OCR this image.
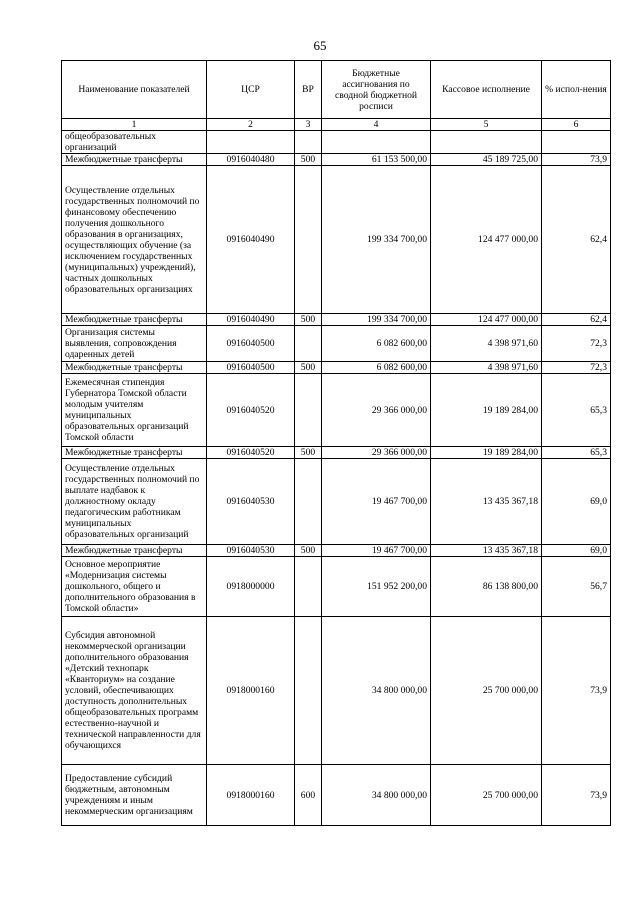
65
Наименование показателей	ЦСР	ВР	Бюджетные ассигнования по сводной бюджетной росписи	Кассовое исполнение	% испол-нения
1	2	3	4	5	6
общеобразовательных организаций					
Межбюджетные трансферты	0916040480	500	61 153 500,00	45 189 725,00	73,9
Осуществление отдельных государственных полномочий по финансовому обеспечению получения дошкольного образования в организациях, осуществляющих обучение (за исключением государственных (муниципальных) учреждений), частных дошкольных образовательных организациях	0916040490		199 334 700,00	124 477 000,00	62,4
Межбюджетные трансферты	0916040490	500	199 334 700,00	124 477 000,00	62,4
Организация системы выявления, сопровождения одаренных детей	0916040500		6 082 600,00	4 398 971,60	72,3
Межбюджетные трансферты	0916040500	500	6 082 600,00	4 398 971,60	72,3
Ежемесячная стипендия Губернатора Томской области молодым учителям муниципальных образовательных организаций Томской области	0916040520		29 366 000,00	19 189 284,00	65,3
Межбюджетные трансферты	0916040520	500	29 366 000,00	19 189 284,00	65,3
Осуществление отдельных государственных полномочий по выплате надбавок к должностному окладу педагогическим работникам муниципальных образовательных организаций	0916040530		19 467 700,00	13 435 367,18	69,0
Межбюджетные трансферты	0916040530	500	19 467 700,00	13 435 367,18	69,0
Основное мероприятие «Модернизация системы дошкольного, общего и дополнительного образования в Томской области»	0918000000		151 952 200,00	86 138 800,00	56,7
Субсидия автономной некоммерческой организации дополнительного образования «Детский технопарк «Кванториум» на создание условий, обеспечивающих доступность дополнительных общеобразовательных программ естественно-научной и технической направленности для обучающихся	0918000160		34 800 000,00	25 700 000,00	73,9
Предоставление субсидий бюджетным, автономным учреждениям и иным некоммерческим организациям	0918000160	600	34 800 000,00	25 700 000,00	73,9
